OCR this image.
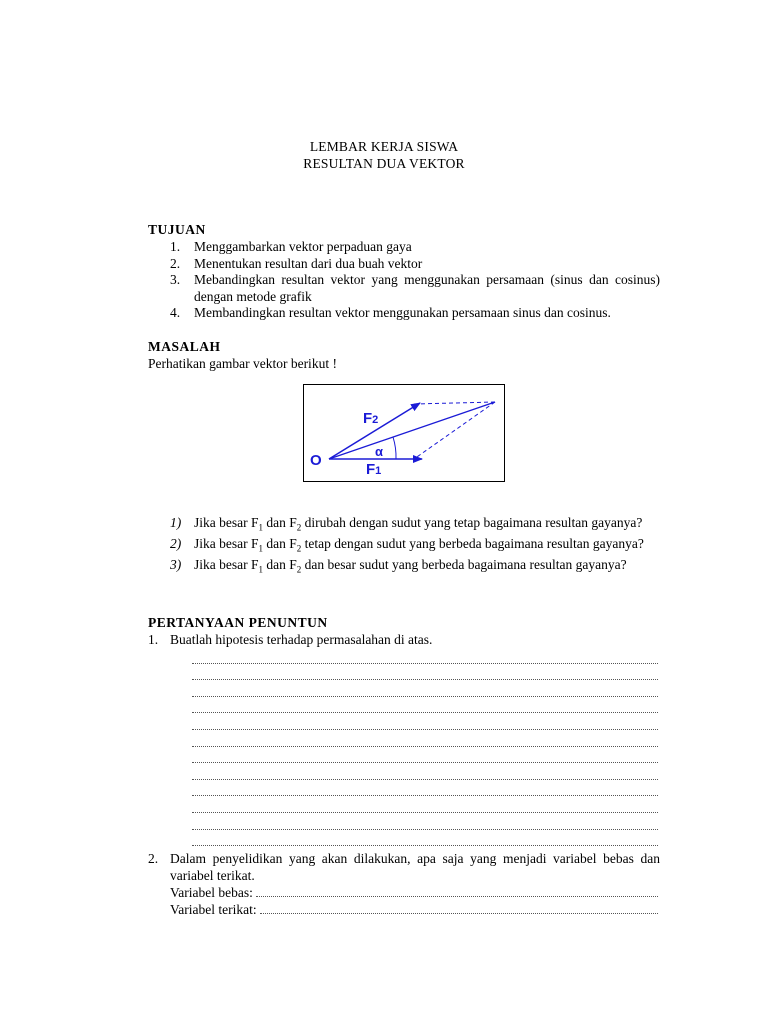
LEMBAR KERJA SISWA
RESULTAN DUA VEKTOR
TUJUAN
1. Menggambarkan vektor perpaduan gaya
2. Menentukan resultan dari dua buah vektor
3. Mebandingkan resultan vektor yang menggunakan persamaan (sinus dan cosinus) dengan metode grafik
4. Membandingkan resultan vektor menggunakan persamaan sinus dan cosinus.
MASALAH
Perhatikan gambar vektor berikut !
F2
O
α
F1
1) Jika besar $F_1$ dan $F_2$ dirubah dengan sudut yang tetap bagaimana resultan gayanya?
2) Jika besar $F_1$ dan $F_2$ tetap dengan sudut yang berbeda bagaimana resultan gayanya?
3) Jika besar $F_1$ dan $F_2$ dan besar sudut yang berbeda bagaimana resultan gayanya?
PERTANYAAN PENUNTUN
1. Buatlah hipotesis terhadap permasalahan di atas.
2. Dalam penyelidikan yang akan dilakukan, apa saja yang menjadi variabel bebas dan variabel terikat.
Variabel bebas:
Variabel terikat:
